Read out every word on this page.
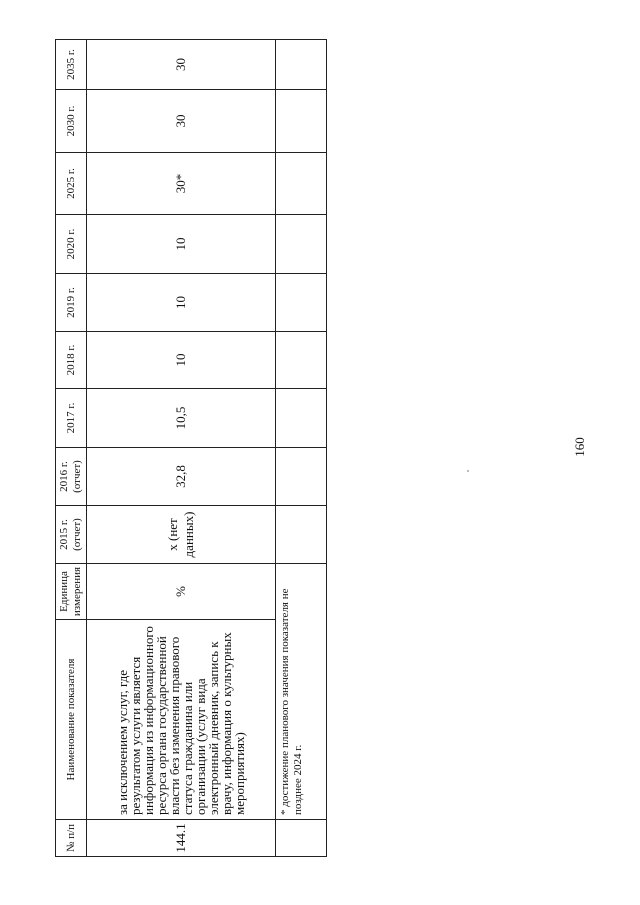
№ п/п	Наименование показателя	Единица измерения	2015 г. (отчет)	2016 г. (отчет)	2017 г.	2018 г.	2019 г.	2020 г.	2025 г.	2030 г.	2035 г.
144.1	за исключением услуг, где результатом услуги является информация из информационного ресурса органа государственной власти без изменения правового статуса гражданина или организации (услуг вида электронный дневник, запись к врачу, информация о культурных мероприятиях)	%	х (нет данных)	32,8	10,5	10	10	10	30*	30	30
	* достижение планового значения показателя не позднее 2024 г.										
160
